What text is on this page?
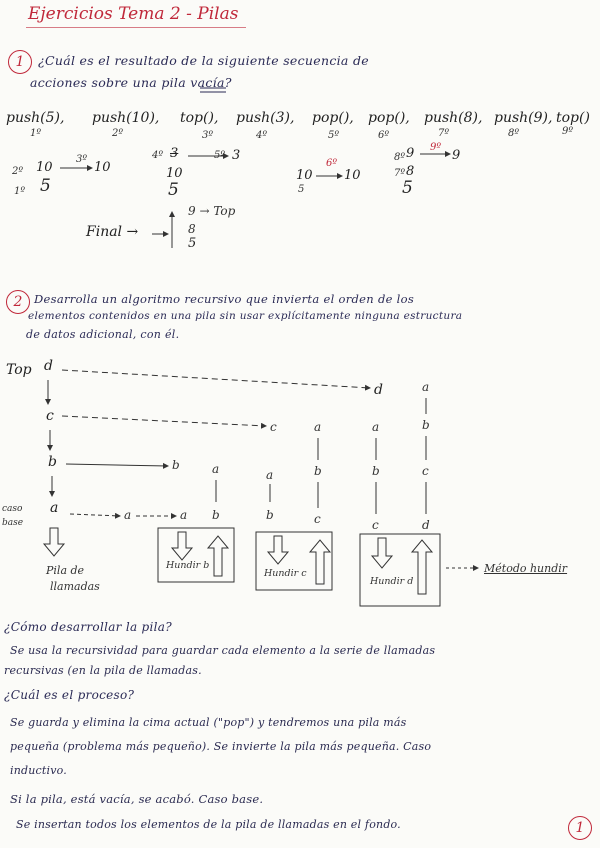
Ejercicios Tema 2 - Pilas
1	¿Cuál es el resultado de la siguiente secuencia de
acciones sobre una pila vacía?
push(5), push(10), top(), push(3), pop(), pop(), push(8), push(9), top()
1º	2º	3º	4º	5º	6º	7º	8º	9º
2º 10
3º
10
1º 5
4º 3	5º 3
10
5
10
6º
10
5
8º 9 9º
9
7º 8
5
Final →
9 → Top
8
5
2	Desarrolla un algoritmo recursivo que invierta el orden de los
elementos contenidos en una pila sin usar explícitamente ninguna estructura
de datos adicional, con él.
Top d
c
b
a
caso
base
Pila de
llamadas
d
c
b
a	a
a
b
a
b
a
b
c
a
b
c
a
b
c
d
Hundir b
Hundir c
Hundir d
Método hundir
¿Cómo desarrollar la pila?
Se usa la recursividad para guardar cada elemento a la serie de llamadas
recursivas (en la pila de llamadas.
¿Cuál es el proceso?
Se guarda y elimina la cima actual ("pop") y tendremos una pila más
pequeña (problema más pequeño). Se invierte la pila más pequeña. Caso
inductivo.
Si la pila, está vacía, se acabó. Caso base.
Se insertan todos los elementos de la pila de llamadas en el fondo.	1
